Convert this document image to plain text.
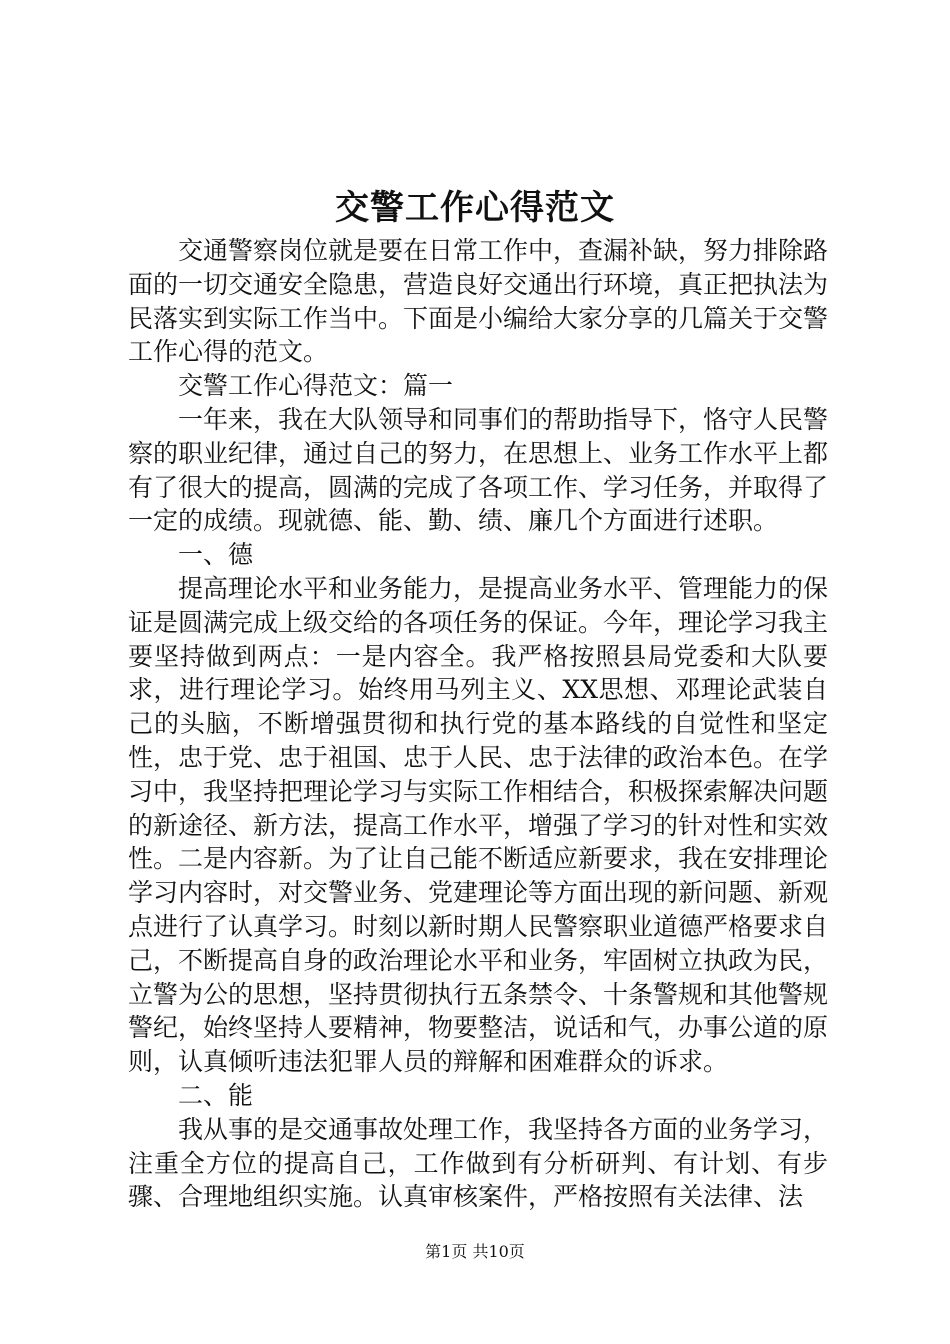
交警工作心得范文

交通警察岗位就是要在日常工作中，查漏补缺，努力排除路面的一切交通安全隐患，营造良好交通出行环境，真正把执法为民落实到实际工作当中。下面是小编给大家分享的几篇关于交警工作心得的范文。

交警工作心得范文：篇一

一年来，我在大队领导和同事们的帮助指导下，恪守人民警察的职业纪律，通过自己的努力，在思想上、业务工作水平上都有了很大的提高，圆满的完成了各项工作、学习任务，并取得了一定的成绩。现就德、能、勤、绩、廉几个方面进行述职。

一、德

提高理论水平和业务能力，是提高业务水平、管理能力的保证是圆满完成上级交给的各项任务的保证。今年，理论学习我主要坚持做到两点：一是内容全。我严格按照县局党委和大队要求，进行理论学习。始终用马列主义、XX思想、邓理论武装自己的头脑，不断增强贯彻和执行党的基本路线的自觉性和坚定性，忠于党、忠于祖国、忠于人民、忠于法律的政治本色。在学习中，我坚持把理论学习与实际工作相结合，积极探索解决问题的新途径、新方法，提高工作水平，增强了学习的针对性和实效性。二是内容新。为了让自己能不断适应新要求，我在安排理论学习内容时，对交警业务、党建理论等方面出现的新问题、新观点进行了认真学习。时刻以新时期人民警察职业道德严格要求自己，不断提高自身的政治理论水平和业务，牢固树立执政为民，立警为公的思想，坚持贯彻执行五条禁令、十条警规和其他警规警纪，始终坚持人要精神，物要整洁，说话和气，办事公道的原则，认真倾听违法犯罪人员的辩解和困难群众的诉求。

二、能

我从事的是交通事故处理工作，我坚持各方面的业务学习，注重全方位的提高自己，工作做到有分析研判、有计划、有步骤、合理地组织实施。认真审核案件，严格按照有关法律、法

第1页 共10页
